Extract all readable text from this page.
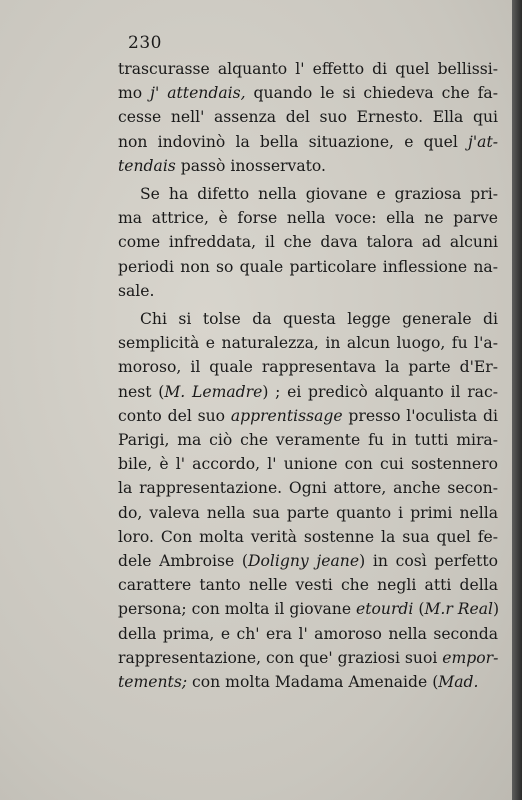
230
trascurasse alquanto l' effetto di quel bellissi-
mo j' attendais, quando le si chiedeva che fa-
cesse nell' assenza del suo Ernesto. Ella qui
non indovinò la bella situazione, e quel j'at-
tendais passò inosservato.
Se ha difetto nella giovane e graziosa pri-
ma attrice, è forse nella voce: ella ne parve
come infreddata, il che dava talora ad alcuni
periodi non so quale particolare inflessione na-
sale.
Chi si tolse da questa legge generale di
semplicità e naturalezza, in alcun luogo, fu l'a-
moroso, il quale rappresentava la parte d'Er-
nest (M. Lemadre) ; ei predicò alquanto il rac-
conto del suo apprentissage presso l'oculista di
Parigi, ma ciò che veramente fu in tutti mira-
bile, è l' accordo, l' unione con cui sostennero
la rappresentazione. Ogni attore, anche secon-
do, valeva nella sua parte quanto i primi nella
loro. Con molta verità sostenne la sua quel fe-
dele Ambroise (Doligny jeane) in così perfetto
carattere tanto nelle vesti che negli atti della
persona; con molta il giovane etourdi (M.r Real)
della prima, e ch' era l' amoroso nella seconda
rappresentazione, con que' graziosi suoi empor-
tements; con molta Madama Amenaide (Mad.
